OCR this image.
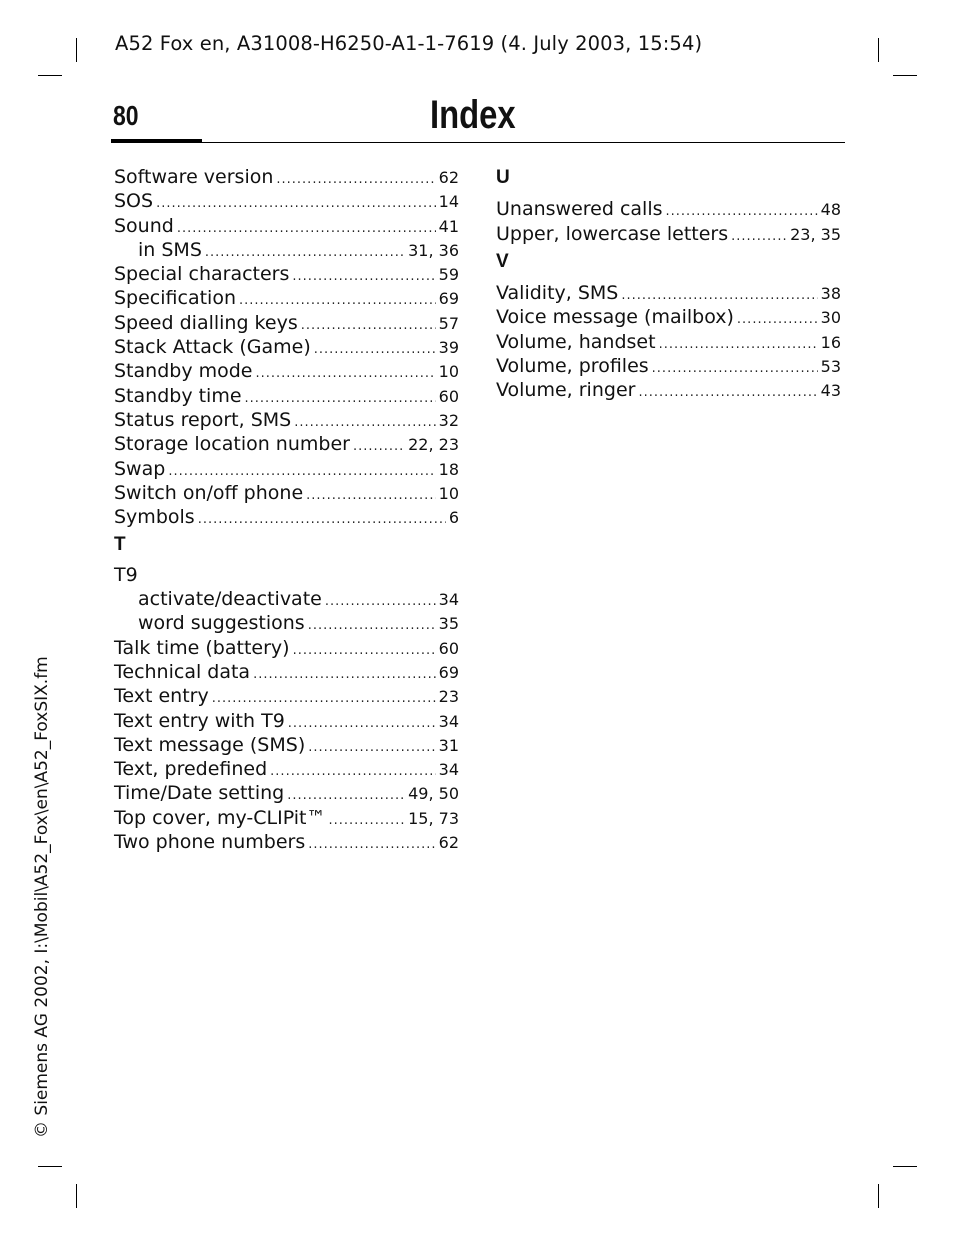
A52 Fox en, A31008-H6250-A1-1-7619 (4. July 2003, 15:54)
80	Index
Software version .....	62
SOS .....	14
Sound .....	41
in SMS .....	31, 36
Special characters .....	59
Specification .....	69
Speed dialling keys .....	57
Stack Attack (Game) .....	39
Standby mode .....	10
Standby time .....	60
Status report, SMS .....	32
Storage location number .....	22, 23
Swap .....	18
Switch on/off phone .....	10
Symbols .....	6
T
T9
activate/deactivate .....	34
word suggestions .....	35
Talk time (battery) .....	60
Technical data .....	69
Text entry .....	23
Text entry with T9 .....	34
Text message (SMS) .....	31
Text, predefined .....	34
Time/Date setting .....	49, 50
Top cover, my-CLIPit™ .....	15, 73
Two phone numbers .....	62
U
Unanswered calls .....	48
Upper, lowercase letters .....	23, 35
V
Validity, SMS .....	38
Voice message (mailbox) .....	30
Volume, handset .....	16
Volume, profiles .....	53
Volume, ringer .....	43
© Siemens AG 2002, I:\Mobil\A52_Fox\en\A52_FoxSIX.fm
